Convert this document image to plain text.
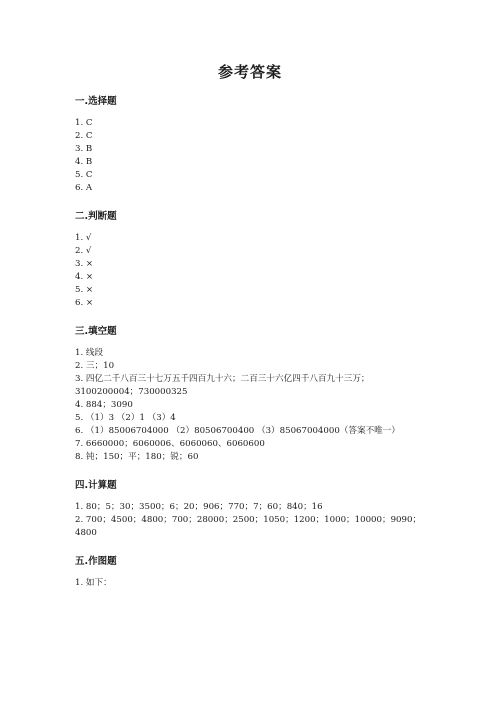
参考答案
一.选择题
1. C
2. C
3. B
4. B
5. C
6. A
二.判断题
1. √
2. √
3. ×
4. ×
5. ×
6. ×
三.填空题
1. 线段
2. 三；10
3. 四亿二千八百三十七万五千四百九十六；二百三十六亿四千八百九十三万；
3100200004；730000325
4. 884；3090
5. （1）3 （2）1 （3）4
6. （1）85006704000 （2）80506700400 （3）85067004000（答案不唯一）
7. 6660000；6060006、6060060、6060600
8. 钝；150；平；180；锐；60
四.计算题
1. 80；5；30；3500；6；20；906；770；7；60；840；16
2. 700；4500；4800；700；28000；2500；1050；1200；1000；10000；9090；
4800
五.作图题
1. 如下：
